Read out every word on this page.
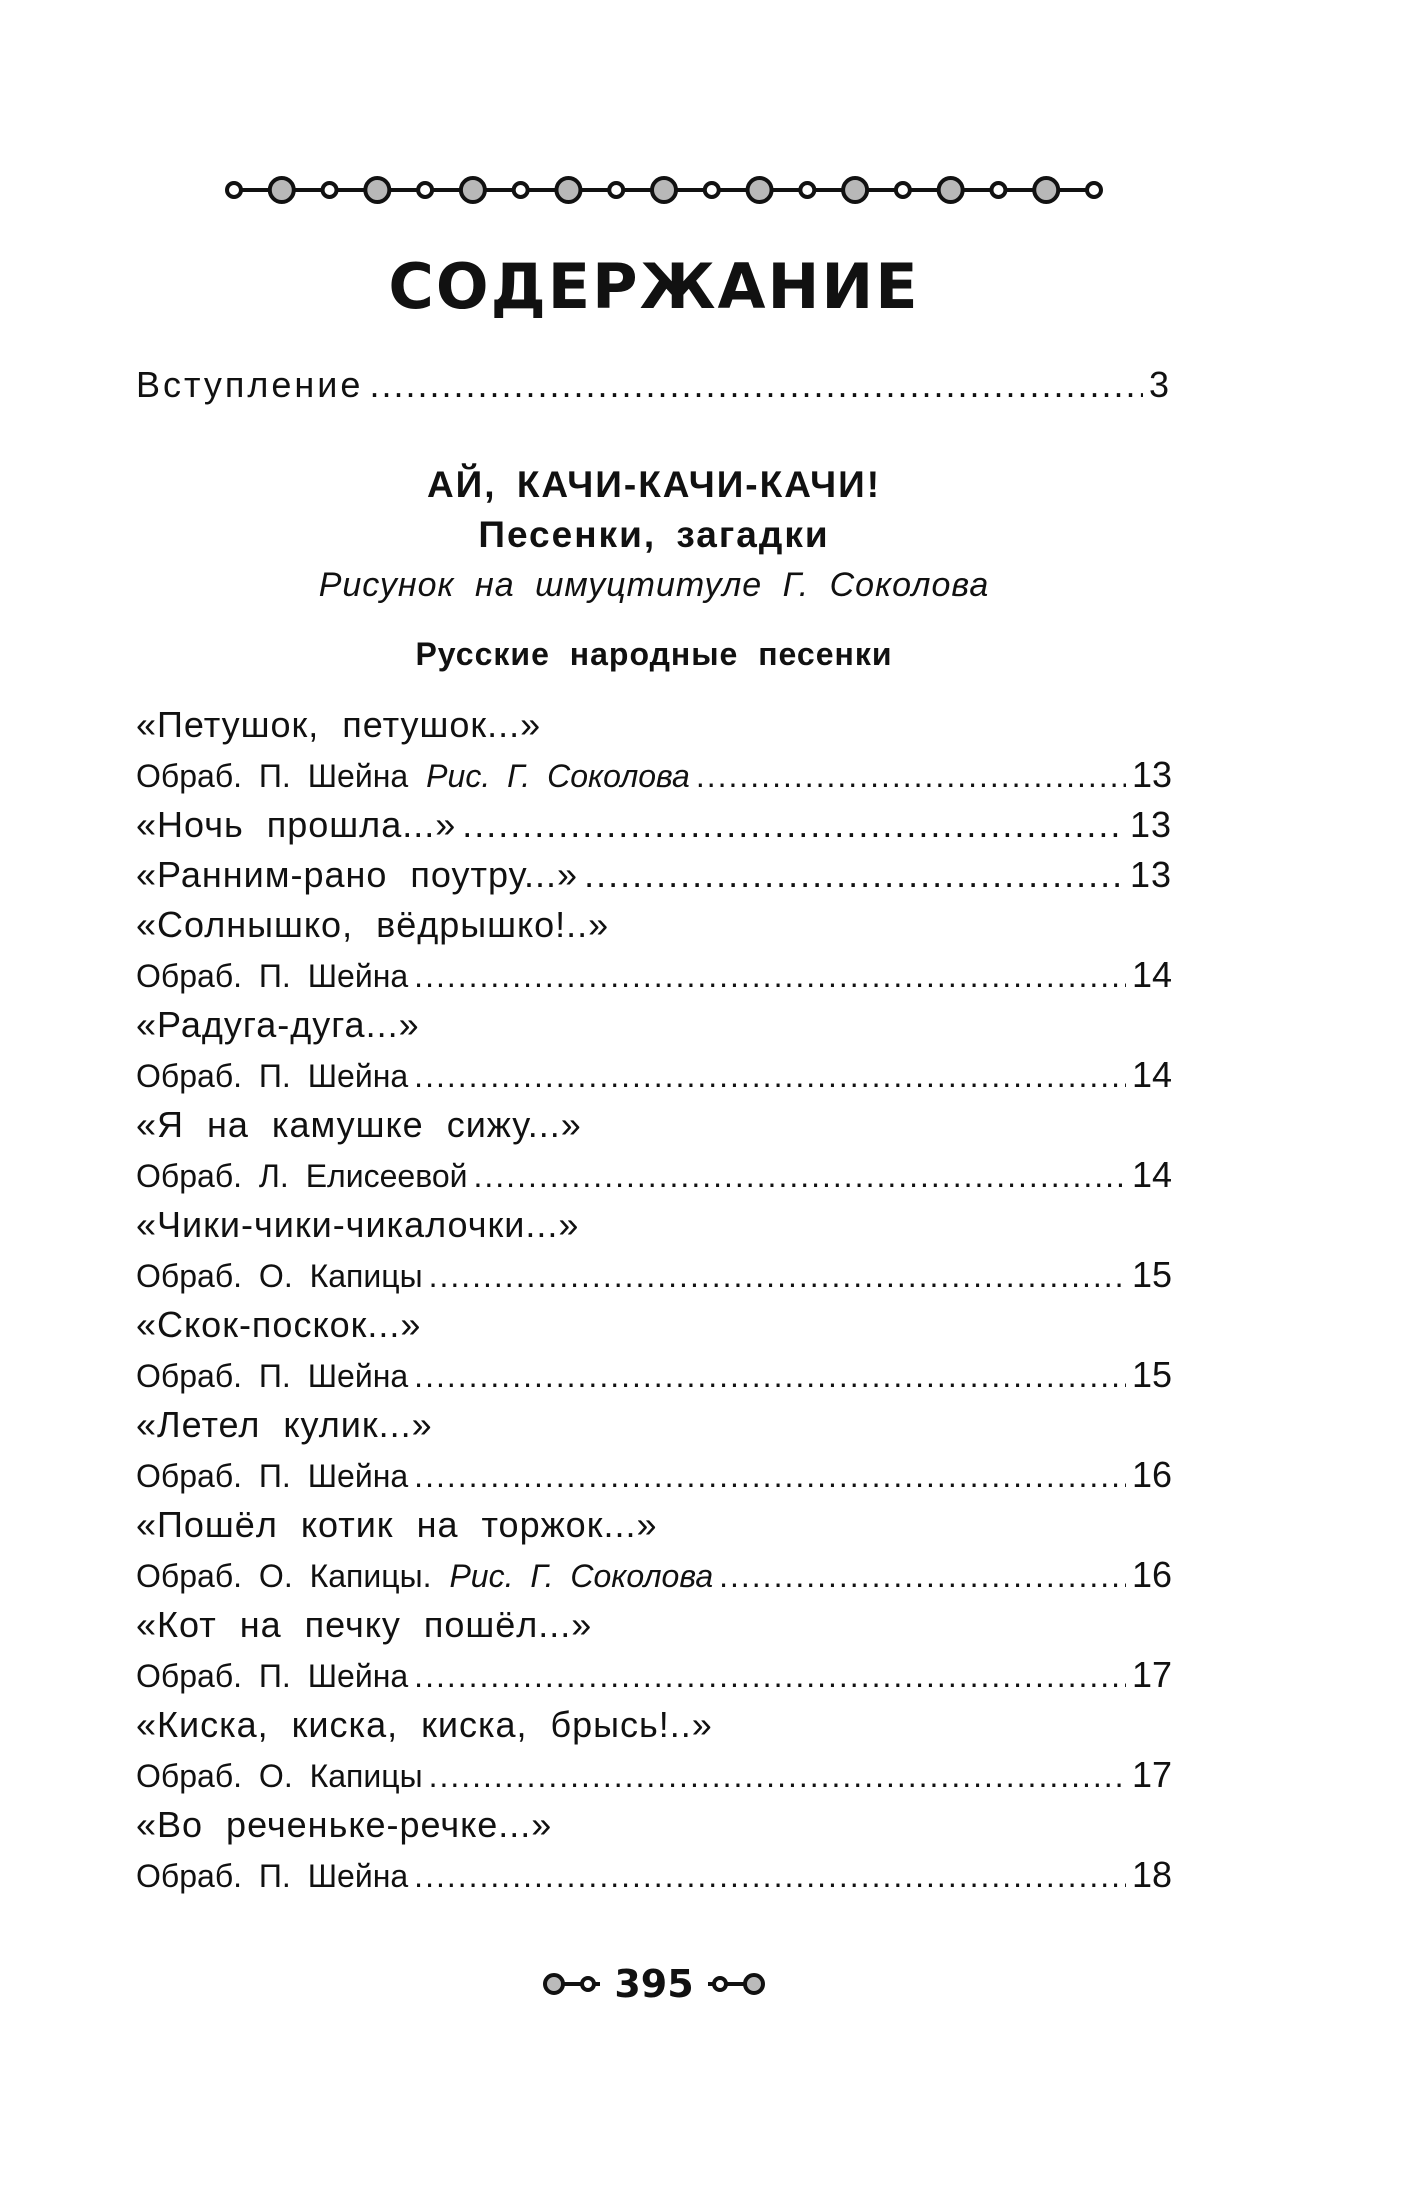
СОДЕРЖАНИЕ
Вступление .....	3
АЙ, КАЧИ-КАЧИ-КАЧИ!
Песенки, загадки
Рисунок на шмуцтитуле Г. Соколова
Русские народные песенки
«Петушок, петушок...»
Обраб. П. Шейна Рис. Г. Соколова .....	13
«Ночь прошла...» .....	13
«Ранним-рано поутру...» .....	13
«Солнышко, вёдрышко!..»
Обраб. П. Шейна .....	14
«Радуга-дуга...»
Обраб. П. Шейна .....	14
«Я на камушке сижу...»
Обраб. Л. Елисеевой .....	14
«Чики-чики-чикалочки...»
Обраб. О. Капицы .....	15
«Скок-поскок...»
Обраб. П. Шейна .....	15
«Летел кулик...»
Обраб. П. Шейна .....	16
«Пошёл котик на торжок...»
Обраб. О. Капицы. Рис. Г. Соколова .....	16
«Кот на печку пошёл...»
Обраб. П. Шейна .....	17
«Киска, киска, киска, брысь!..»
Обраб. О. Капицы .....	17
«Во реченьке-речке...»
Обраб. П. Шейна .....	18
395
